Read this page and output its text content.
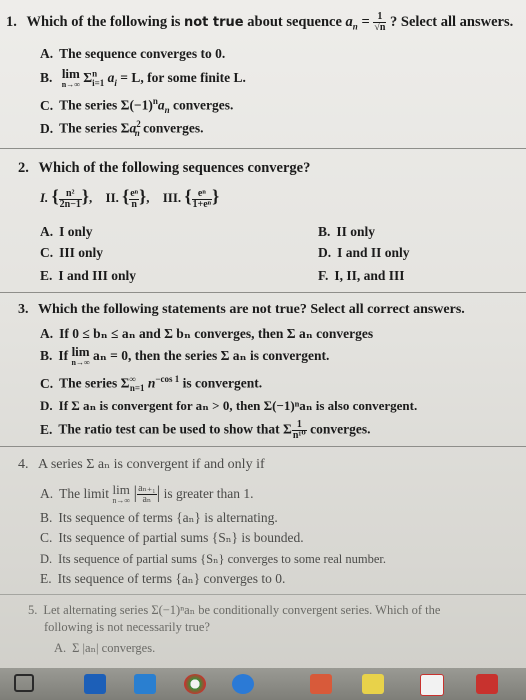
1. Which of the following is not true about sequence $a_n = \frac{1}{√n}$ ? Select all answers.
A. The sequence converges to 0.
B. lim
n→∞ $\Sigma^n_{i=1}$ $a_i = L$, for some finite L.
C. The series $\Sigma(-1)^na_n$ converges.
D. The series $\Sigma a^2_n$ converges.
2. Which of the following sequences converge?
I. { $\frac{\text{n²}}{2n-1}$ }, II. { $\frac{\text{eⁿ}}{n}$ }, III. { $\frac{\text{eⁿ}}{\text{1+eⁿ}}$ }
A. I only	B. II only
C. III only	D. I and II only
E. I and III only	F. I, II, and III
3. Which the following statements are not true? Select all correct answers.
A. If 0 ≤ bₙ ≤ aₙ and Σ bₙ converges, then Σ aₙ converges
B. If lim
n→∞ aₙ = 0, then the series Σ aₙ is convergent.
C. The series $\Sigma^\infty_{n=1}$ $n^{-cos 1}$ is convergent.
D. If Σ aₙ is convergent for aₙ > 0, then Σ(−1)ⁿaₙ is also convergent.
E. The ratio test can be used to show that Σ $\frac{1}{\text{n¹⁰}}$ converges.
4. A series Σ aₙ is convergent if and only if
A. The limit lim
n→∞ | $\frac{\text{aₙ₊₁}}{\text{aₙ}}$ | is greater than 1.
B. Its sequence of terms {aₙ} is alternating.
C. Its sequence of partial sums {Sₙ} is bounded.
D. Its sequence of partial sums {Sₙ} converges to some real number.
E. Its sequence of terms {aₙ} converges to 0.
5. Let alternating series Σ(−1)ⁿaₙ be conditionally convergent series. Which of the
following is not necessarily true?
A. Σ |aₙ| converges.
